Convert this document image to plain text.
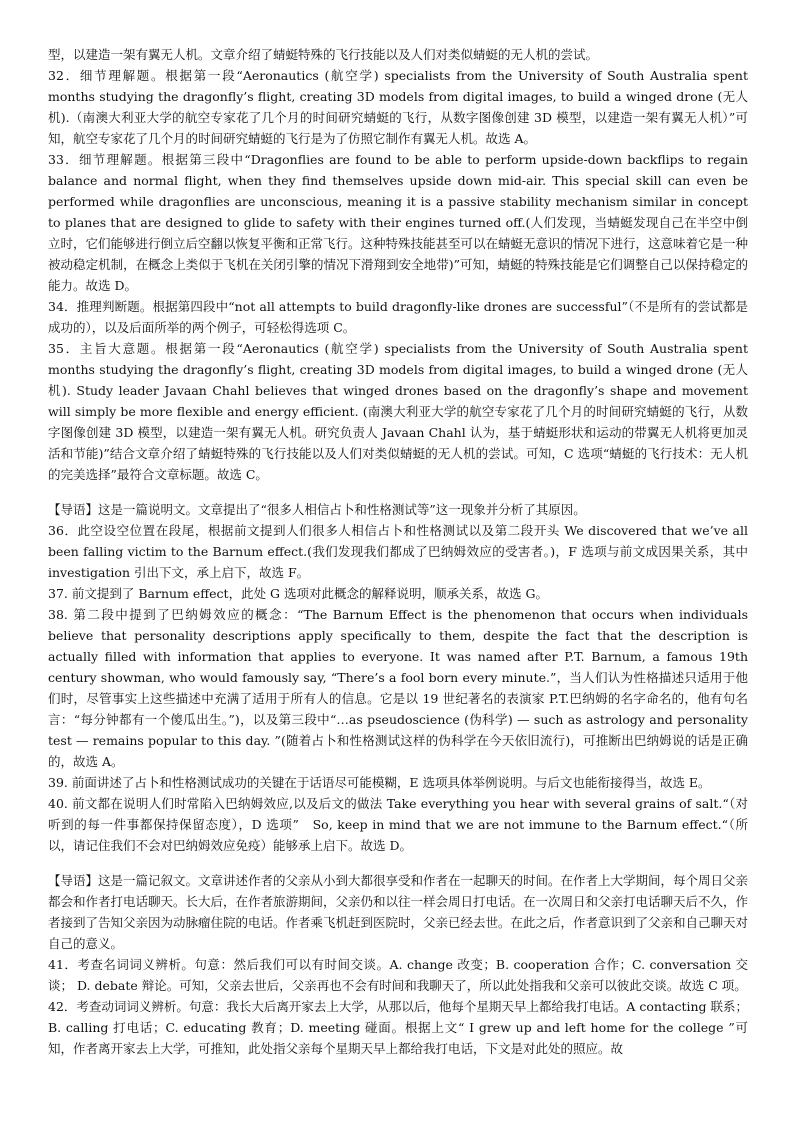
型，以建造一架有翼无人机。文章介绍了蜻蜓特殊的飞行技能以及人们对类似蜻蜓的无人机的尝试。

32．细节理解题。根据第一段“Aeronautics (航空学) specialists from the University of South Australia spent months studying the dragonfly’s flight, creating 3D models from digital images, to build a winged drone (无人机).（南澳大利亚大学的航空专家花了几个月的时间研究蜻蜓的飞行，从数字图像创建 3D 模型，以建造一架有翼无人机）”可知，航空专家花了几个月的时间研究蜻蜓的飞行是为了仿照它制作有翼无人机。故选 A。

33．细节理解题。根据第三段中“Dragonflies are found to be able to perform upside-down backflips to regain balance and normal flight, when they find themselves upside down mid-air. This special skill can even be performed while dragonflies are unconscious, meaning it is a passive stability mechanism similar in concept to planes that are designed to glide to safety with their engines turned off.(人们发现，当蜻蜓发现自己在半空中倒立时，它们能够进行倒立后空翻以恢复平衡和正常飞行。这种特殊技能甚至可以在蜻蜓无意识的情况下进行，这意味着它是一种被动稳定机制，在概念上类似于飞机在关闭引擎的情况下滑翔到安全地带)”可知，蜻蜓的特殊技能是它们调整自己以保持稳定的能力。故选 D。

34．推理判断题。根据第四段中“not all attempts to build dragonfly-like drones are successful”（不是所有的尝试都是成功的），以及后面所举的两个例子，可轻松得选项 C。

35．主旨大意题。根据第一段“Aeronautics (航空学) specialists from the University of South Australia spent months studying the dragonfly’s flight, creating 3D models from digital images, to build a winged drone (无人机). Study leader Javaan Chahl believes that winged drones based on the dragonfly’s shape and movement will simply be more flexible and energy efficient. (南澳大利亚大学的航空专家花了几个月的时间研究蜻蜓的飞行，从数字图像创建 3D 模型，以建造一架有翼无人机。研究负责人 Javaan Chahl 认为，基于蜻蜓形状和运动的带翼无人机将更加灵活和节能)”结合文章介绍了蜻蜓特殊的飞行技能以及人们对类似蜻蜓的无人机的尝试。可知，C 选项“蜻蜓的飞行技术：无人机的完美选择”最符合文章标题。故选 C。

【导语】这是一篇说明文。文章提出了“很多人相信占卜和性格测试等”这一现象并分析了其原因。

36．此空设空位置在段尾，根据前文提到人们很多人相信占卜和性格测试以及第二段开头 We discovered that we’ve all been falling victim to the Barnum effect.(我们发现我们都成了巴纳姆效应的受害者。)，F 选项与前文成因果关系，其中 investigation 引出下文，承上启下，故选 F。

37. 前文提到了 Barnum effect，此处 G 选项对此概念的解释说明，顺承关系，故选 G。

38. 第二段中提到了巴纳姆效应的概念：“The Barnum Effect is the phenomenon that occurs when individuals believe that personality descriptions apply specifically to them, despite the fact that the description is actually filled with information that applies to everyone. It was named after P.T. Barnum, a famous 19th century showman, who would famously say, “There’s a fool born every minute.”，当人们认为性格描述只适用于他们时，尽管事实上这些描述中充满了适用于所有人的信息。它是以 19 世纪著名的表演家 P.T.巴纳姆的名字命名的，他有句名言：“每分钟都有一个傻瓜出生。”)，以及第三段中“…as pseudoscience (伪科学) — such as astrology and personality test — remains popular to this day. ”(随着占卜和性格测试这样的伪科学在今天依旧流行)，可推断出巴纳姆说的话是正确的，故选 A。

39. 前面讲述了占卜和性格测试成功的关键在于话语尽可能模糊，E 选项具体举例说明。与后文也能衔接得当，故选 E。

40. 前文都在说明人们时常陷入巴纳姆效应,以及后文的做法 Take everything you hear with several grains of salt.“（对听到的每一件事都保持保留态度），D 选项”　So, keep in mind that we are not immune to the Barnum effect.“（所以，请记住我们不会对巴纳姆效应免疫）能够承上启下。故选 D。

【导语】这是一篇记叙文。文章讲述作者的父亲从小到大都很享受和作者在一起聊天的时间。在作者上大学期间，每个周日父亲都会和作者打电话聊天。长大后，在作者旅游期间，父亲仍和以往一样会周日打电话。在一次周日和父亲打电话聊天后不久，作者接到了告知父亲因为动脉瘤住院的电话。作者乘飞机赶到医院时，父亲已经去世。在此之后，作者意识到了父亲和自己聊天对自己的意义。

41．考查名词词义辨析。句意：然后我们可以有时间交谈。A. change 改变；B. cooperation 合作；C. conversation 交谈； D. debate 辩论。可知，父亲去世后，父亲再也不会有时间和我聊天了，所以此处指我和父亲可以彼此交谈。故选 C 项。

42．考查动词词义辨析。句意：我长大后离开家去上大学，从那以后，他每个星期天早上都给我打电话。A contacting 联系；B. calling 打电话；C. educating 教育；D. meeting 碰面。根据上文“ I grew up and left home for the college ”可知，作者离开家去上大学，可推知，此处指父亲每个星期天早上都给我打电话，下文是对此处的照应。故
